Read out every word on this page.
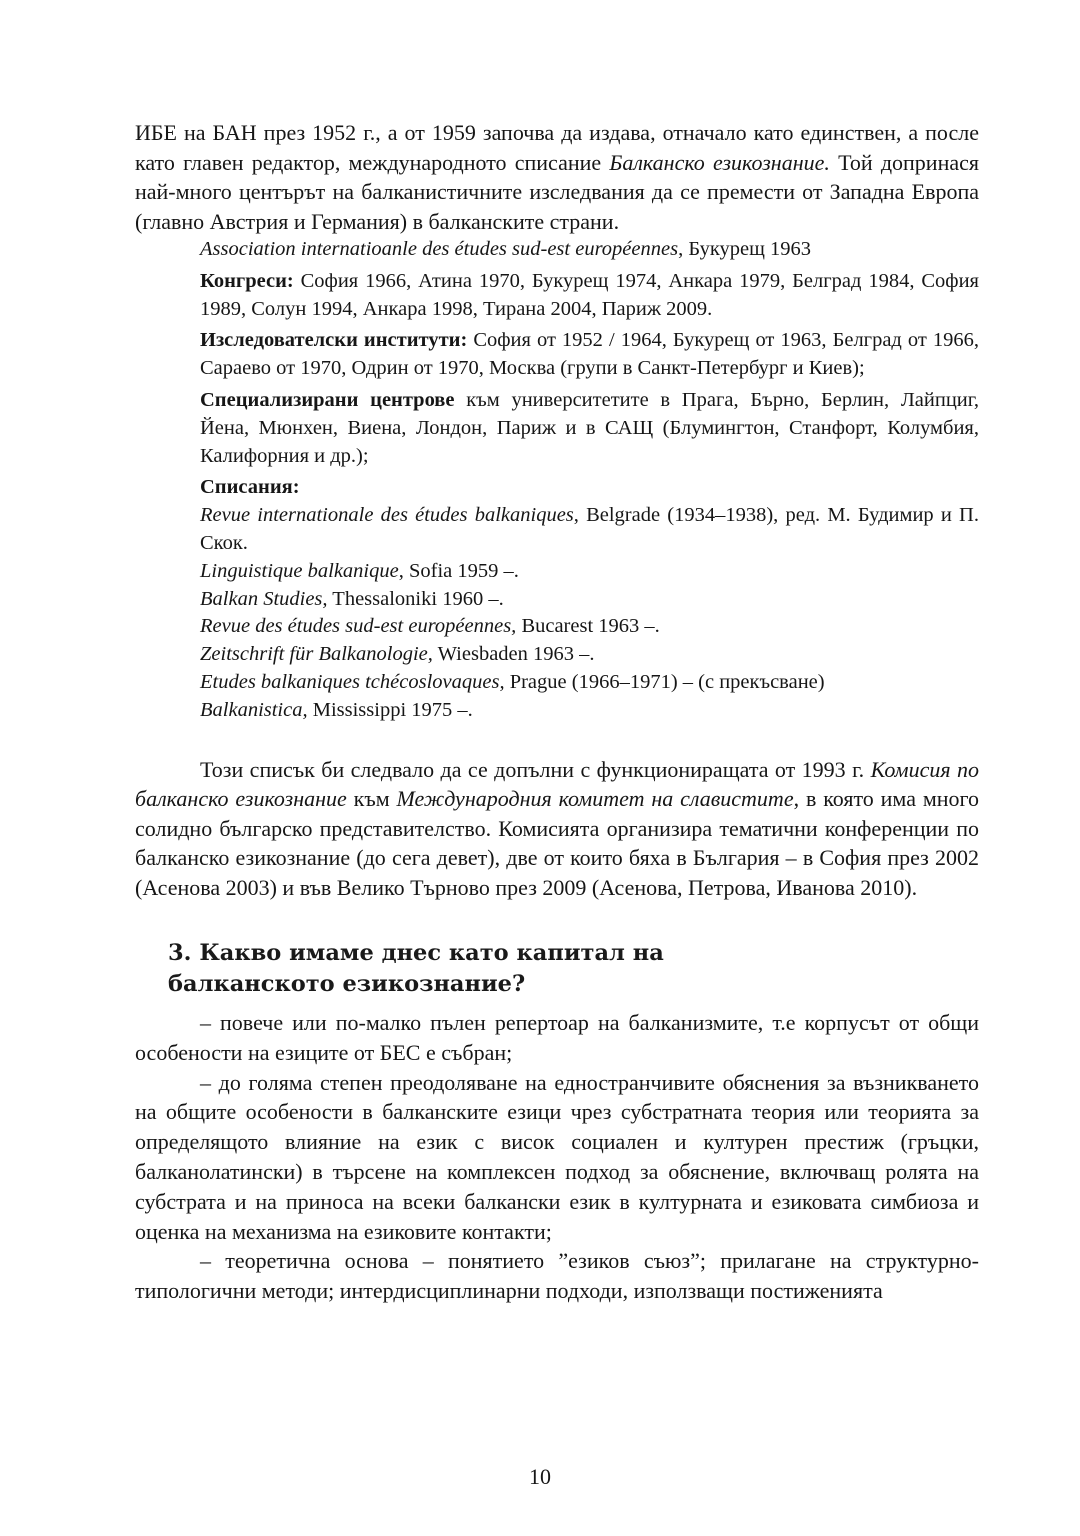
ИБЕ на БАН през 1952 г., а от 1959 започва да издава, отначало като единствен, а после като главен редактор, международното списание Балканско езикознание. Той допринася най-много центърът на балканистичните изследвания да се премести от Западна Европа (главно Австрия и Германия) в балканските страни.

Association internatioanle des études sud-est européennes, Букурещ 1963

Конгреси: София 1966, Атина 1970, Букурещ 1974, Анкара 1979, Белград 1984, София 1989, Солун 1994, Анкара 1998, Тирана 2004, Париж 2009.

Изследователски институти: София от 1952 / 1964, Букурещ от 1963, Белград от 1966, Сараево от 1970, Одрин от 1970, Москва (групи в Санкт-Петербург и Киев);

Специализирани центрове към университетите в Прага, Бърно, Берлин, Лайпциг, Йена, Мюнхен, Виена, Лондон, Париж и в САЩ (Блумингтон, Станфорт, Колумбия, Калифорния и др.);

Списания:

Revue internationale des études balkaniques, Belgrade (1934–1938), ред. М. Будимир и П. Скок.

Linguistique balkanique, Sofia 1959 –.

Balkan Studies, Thessaloniki 1960 –.

Revue des études sud-est européennes, Bucarest 1963 –.

Zeitschrift für Balkanologie, Wiesbaden 1963 –.

Etudes balkaniques tchécoslovaques, Prague (1966–1971) – (с прекъсване)

Balkanistica, Mississippi 1975 –.

Този списък би следвало да се допълни с функциониращата от 1993 г. Комисия по балканско езикознание към Международния комитет на славистите, в която има много солидно българско представителство. Комисията организира тематични конференции по балканско езикознание (до сега девет), две от които бяха в България – в София през 2002 (Асенова 2003) и във Велико Търново през 2009 (Асенова, Петрова, Иванова 2010).

3. Какво имаме днес като капитал на
балканското езикознание?

– повече или по-малко пълен репертоар на балканизмите, т.е корпусът от общи особености на езиците от БЕС е събран;

– до голяма степен преодоляване на едностранчивите обяснения за възникването на общите особености в балканските езици чрез субстратната теория или теорията за определящото влияние на език с висок социален и културен престиж (гръцки, балканолатински) в търсене на комплексен подход за обяснение, включващ ролята на субстрата и на приноса на всеки балкански език в културната и езиковата симбиоза и оценка на механизма на езиковите контакти;

– теоретична основа – понятието ”езиков съюз”; прилагане на структурно-типологични методи; интердисциплинарни подходи, използващи постиженията

10
